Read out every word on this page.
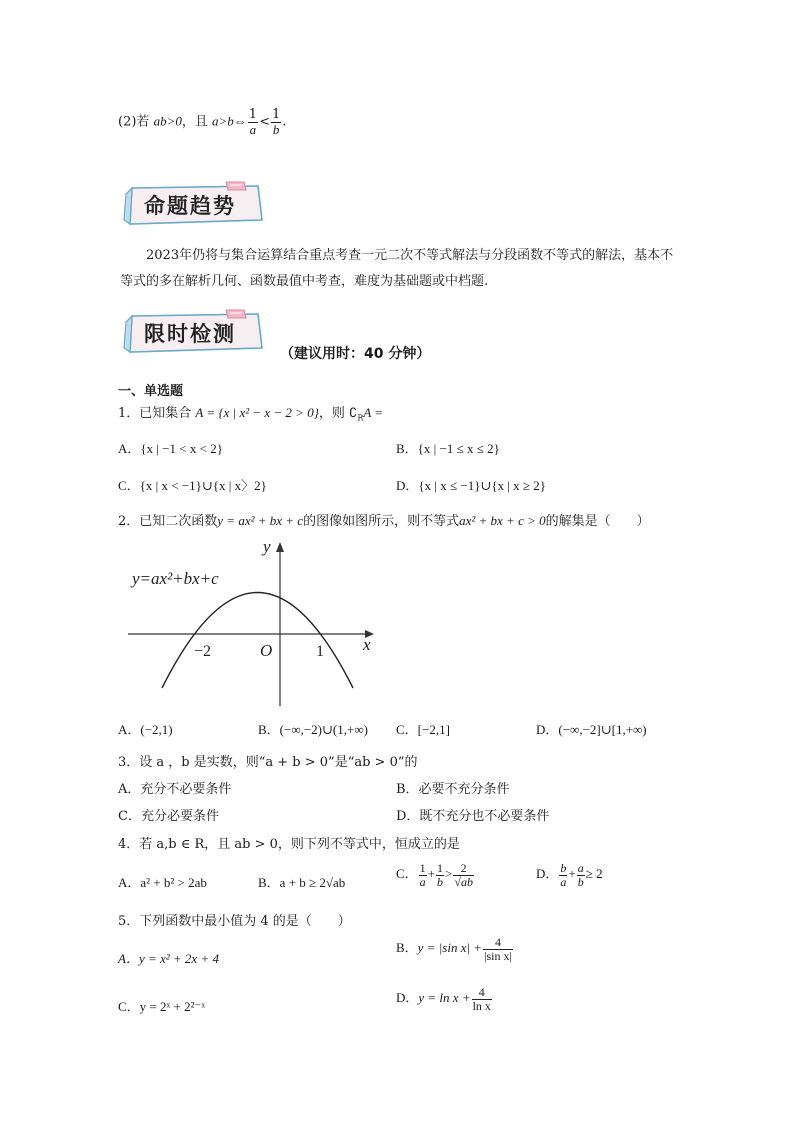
(2)若 ab>0，且 a>b⇔ $\frac{1}{a} < \frac{1}{b}$ .
命题趋势
2023年仍将与集合运算结合重点考查一元二次不等式解法与分段函数不等式的解法，基本不等式的多在解析几何、函数最值中考查，难度为基础题或中档题.
限时检测
（建议用时：40 分钟）
一、单选题
1．已知集合 A = {x | x² − x − 2 > 0}，则 $∁_RA$ =
A．{x | −1 < x < 2}	B．{x | −1 ≤ x ≤ 2}
C．{x | x < −1}∪{x | x〉2}	D．{x | x ≤ −1}∪{x | x ≥ 2}
2．已知二次函数y = ax² + bx + c的图像如图所示，则不等式ax² + bx + c > 0的解集是（　　）
y=ax²+bx+c
y
x
O
−2	1
A．(−2,1)	B．(−∞,−2)∪(1,+∞) C．[−2,1]	D．(−∞,−2]∪[1,+∞)
3．设 a ，b 是实数，则“a + b > 0”是“ab > 0”的
A．充分不必要条件	B．必要不充分条件
C．充分必要条件	D．既不充分也不必要条件
4．若 a,b ∈ R，且 ab > 0，则下列不等式中，恒成立的是
A．a² + b² > 2ab	B．a + b ≥ 2√ab
C． $\frac{1}{a} + \frac{1}{b} > \frac{2}{√ab}$	D． $\frac{b}{a} + \frac{a}{b} \ge 2$
5．下列函数中最小值为 4 的是（　　）
A．y = x² + 2x + 4
B．y = |sin $x| + \frac{4}{\text{|sin x|}}$
C．y = 2ˣ + 2²⁻ˣ
D．$y = \ln x + \frac{4}{\text{ln x}}$
